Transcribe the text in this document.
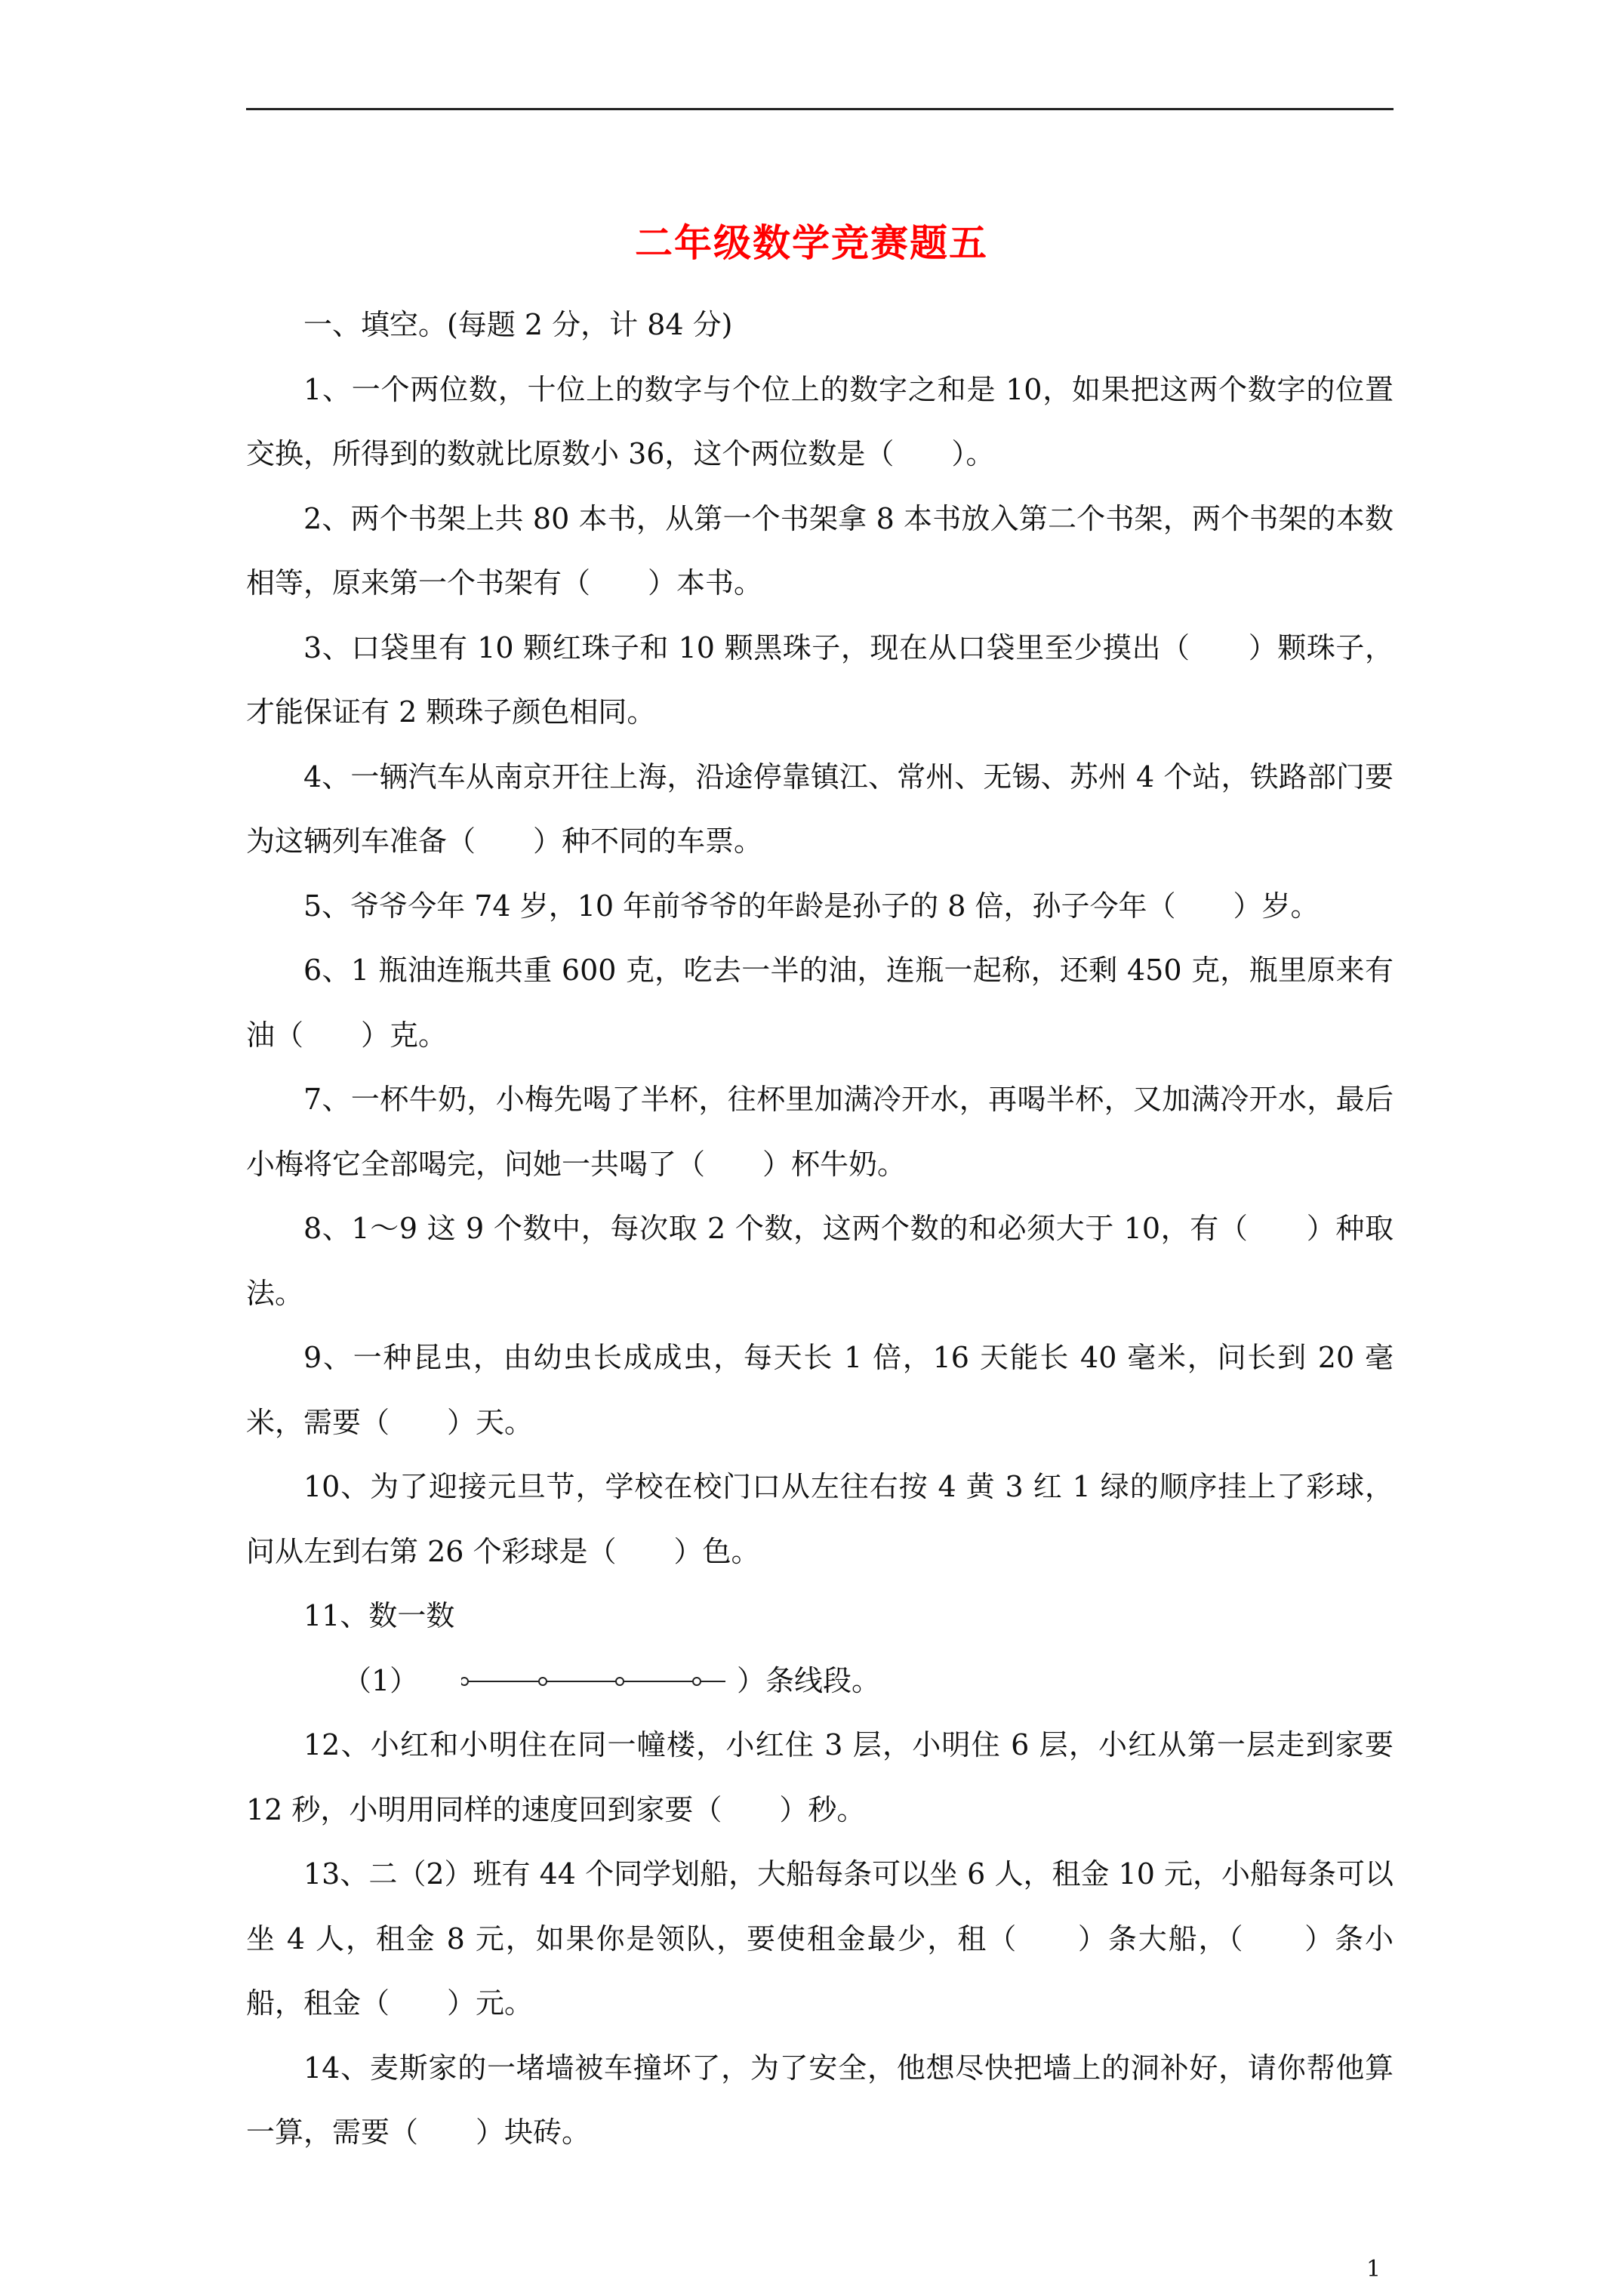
二年级数学竞赛题五

一、填空。(每题 2 分，计 84 分)

1、一个两位数，十位上的数字与个位上的数字之和是 10，如果把这两个数字的位置交换，所得到的数就比原数小 36，这个两位数是（　　）。

2、两个书架上共 80 本书，从第一个书架拿 8 本书放入第二个书架，两个书架的本数相等，原来第一个书架有（　　）本书。

3、口袋里有 10 颗红珠子和 10 颗黑珠子，现在从口袋里至少摸出（　　）颗珠子，才能保证有 2 颗珠子颜色相同。

4、一辆汽车从南京开往上海，沿途停靠镇江、常州、无锡、苏州 4 个站，铁路部门要为这辆列车准备（　　）种不同的车票。

5、爷爷今年 74 岁，10 年前爷爷的年龄是孙子的 8 倍，孙子今年（　　）岁。

6、1 瓶油连瓶共重 600 克，吃去一半的油，连瓶一起称，还剩 450 克，瓶里原来有油（　　）克。

7、一杯牛奶，小梅先喝了半杯，往杯里加满冷开水，再喝半杯，又加满冷开水，最后小梅将它全部喝完，问她一共喝了（　　）杯牛奶。

8、1～9 这 9 个数中，每次取 2 个数，这两个数的和必须大于 10，有（　　）种取法。

9、一种昆虫，由幼虫长成成虫，每天长 1 倍，16 天能长 40 毫米，问长到 20 毫米，需要（　　）天。

10、为了迎接元旦节，学校在校门口从左往右按 4 黄 3 红 1 绿的顺序挂上了彩球，问从左到右第 26 个彩球是（　　）色。

11、数一数

（1）	）条线段。

12、小红和小明住在同一幢楼，小红住 3 层，小明住 6 层，小红从第一层走到家要 12 秒，小明用同样的速度回到家要（　　）秒。

13、二（2）班有 44 个同学划船，大船每条可以坐 6 人，租金 10 元，小船每条可以坐 4 人，租金 8 元，如果你是领队，要使租金最少，租（　　）条大船，（　　）条小船，租金（　　）元。

14、麦斯家的一堵墙被车撞坏了，为了安全，他想尽快把墙上的洞补好，请你帮他算一算，需要（　　）块砖。

1
